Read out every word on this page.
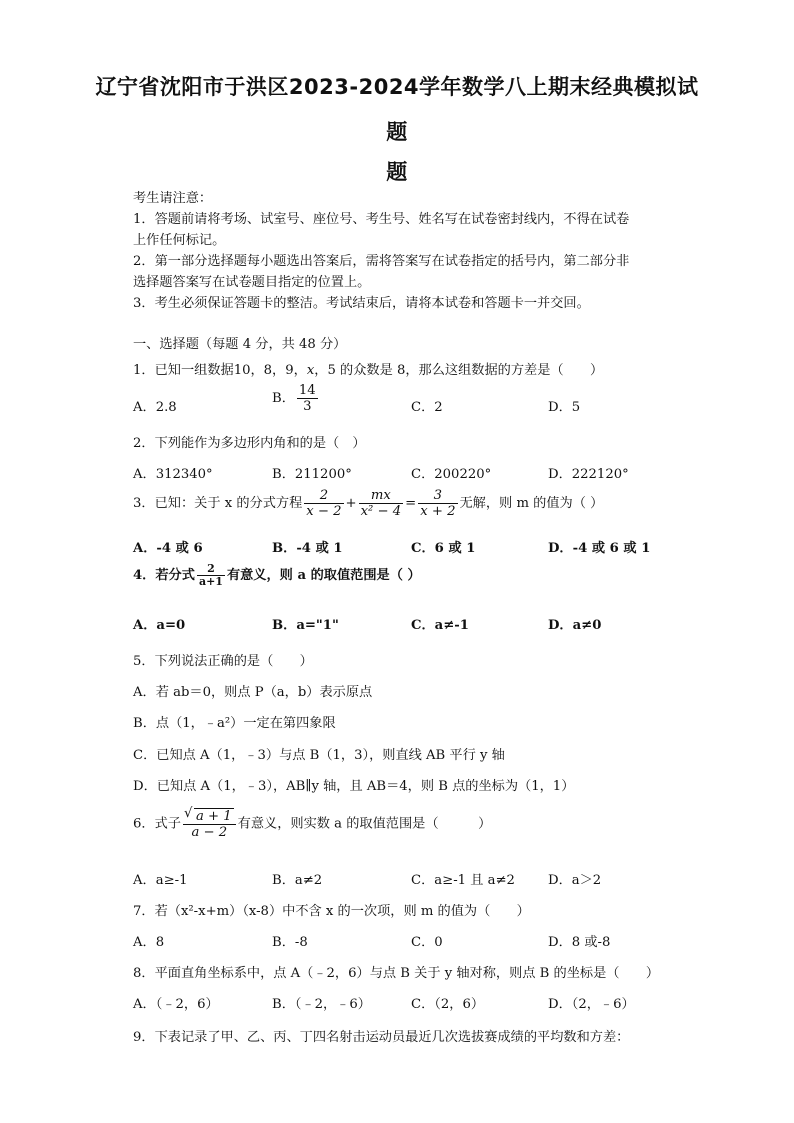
辽宁省沈阳市于洪区2023-2024学年数学八上期末经典模拟试
题
题
考生请注意：
1．答题前请将考场、试室号、座位号、考生号、姓名写在试卷密封线内，不得在试卷
上作任何标记。
2．第一部分选择题每小题选出答案后，需将答案写在试卷指定的括号内，第二部分非
选择题答案写在试卷题目指定的位置上。
3．考生必须保证答题卡的整洁。考试结束后，请将本试卷和答题卡一并交回。
一、选择题（每题 4 分，共 48 分）
1．已知一组数据10，8，9，x，5 的众数是 8，那么这组数据的方差是（　　）
A．2.8
B． $\frac{14}{3}$	C．2	D．5
2．下列能作为多边形内角和的是（　）
A．312340°	B．211200°	C．200220°	D．222120°
3．已知：关于 x 的分式方程 $\frac{2}{x - 2} + \frac{mx}{\text{x² − 4}} = \frac{3}{x + 2}$ 无解，则 m 的值为（ ）
A．-4 或 6	B．-4 或 1	C．6 或 1	D．-4 或 6 或 1
4．若分式 $\frac{2}{a+1}$ 有意义，则 a 的取值范围是（ ）
A．a=0	B．a="1"	C．a≠-1	D．a≠0
5．下列说法正确的是（　　）
A．若 ab＝0，则点 P（a，b）表示原点
B．点（1，﹣a²）一定在第四象限
C．已知点 A（1，﹣3）与点 B（1，3），则直线 AB 平行 y 轴
D．已知点 A（1，﹣3），AB∥y 轴，且 AB＝4，则 B 点的坐标为（1，1）
6．式子
√ $\frac{a + 1}{a - 2}$ 有意义，则实数 a 的取值范围是（　　　）
A．a≥-1	B．a≠2	C．a≥-1 且 a≠2	D．a＞2
7．若（x²-x+m）（x-8）中不含 x 的一次项，则 m 的值为（　　）
A．8	B．-8	C．0	D．8 或-8
8．平面直角坐标系中，点 A（﹣2，6）与点 B 关于 y 轴对称，则点 B 的坐标是（　　）
A．（﹣2，6）	B．（﹣2，﹣6）	C．（2，6）	D．（2，﹣6）
9．下表记录了甲、乙、丙、丁四名射击运动员最近几次选拔赛成绩的平均数和方差：
